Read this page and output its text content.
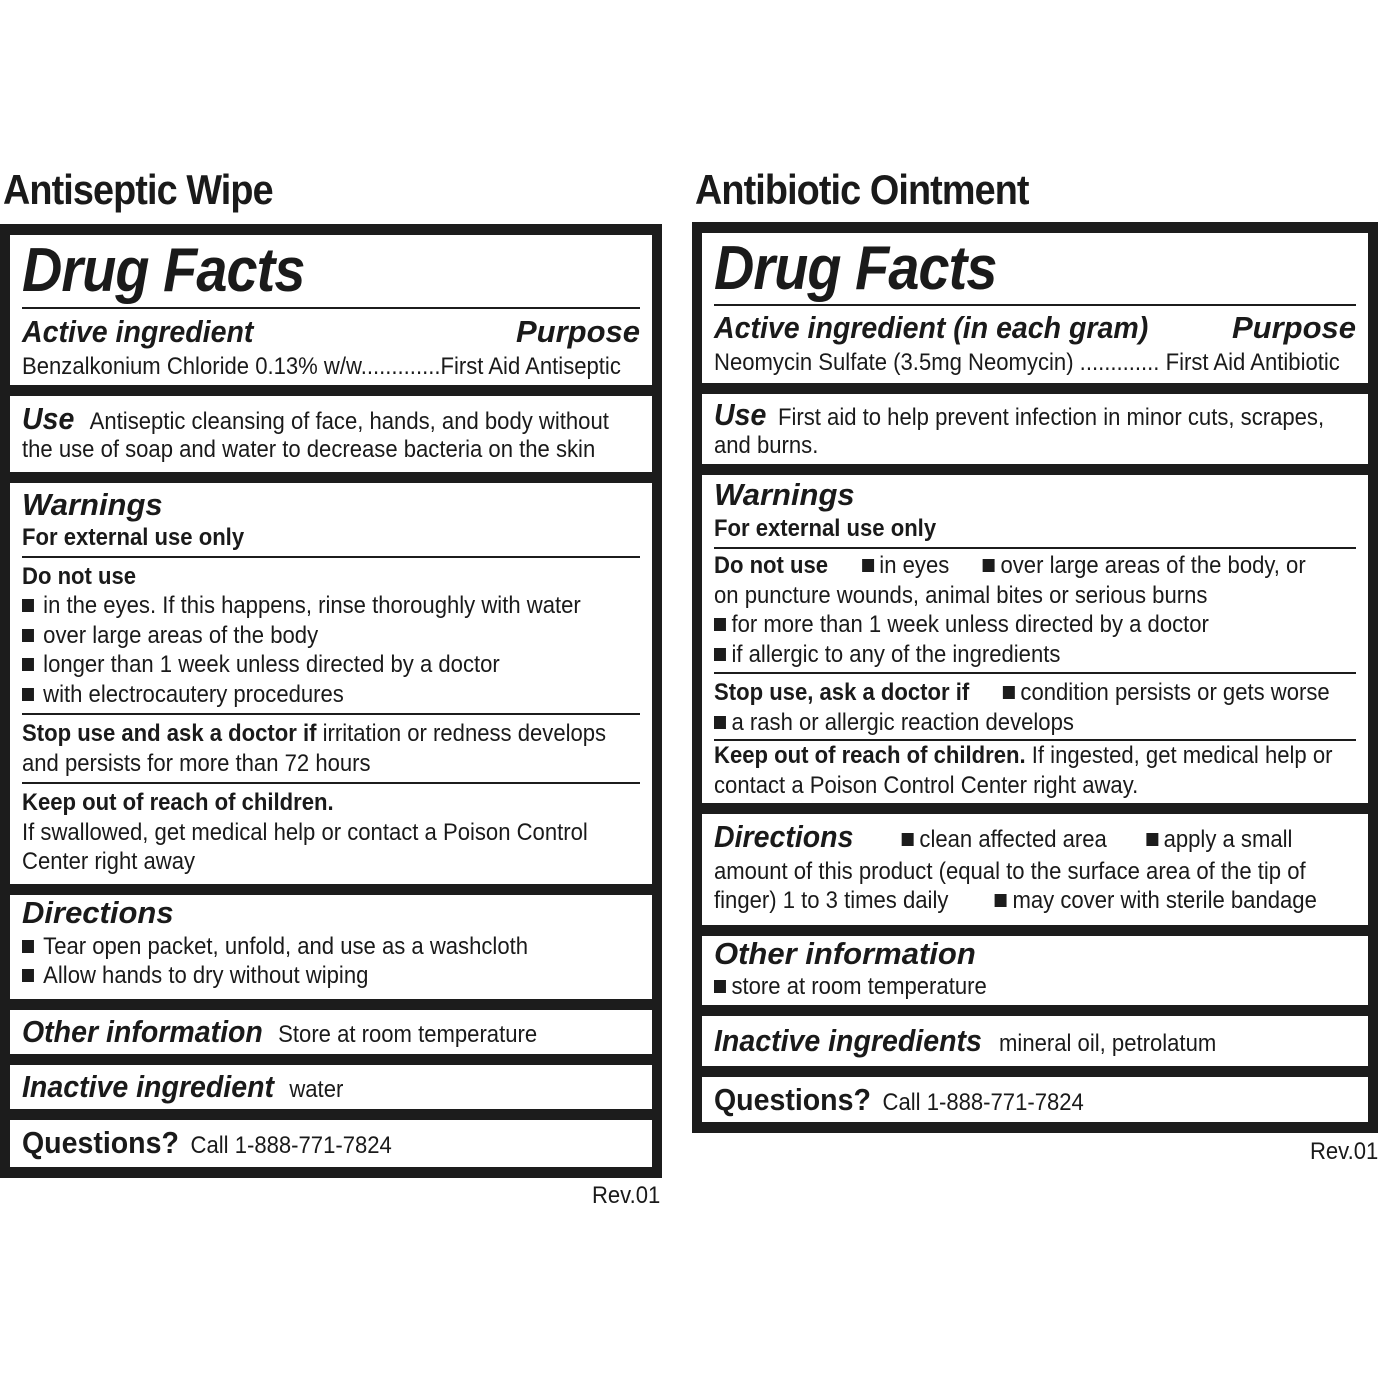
Antiseptic Wipe
Drug Facts
Active ingredient	Purpose
Benzalkonium Chloride 0.13% w/w.............First Aid Antiseptic
Use Antiseptic cleansing of face, hands, and body without
the use of soap and water to decrease bacteria on the skin
Warnings
For external use only
Do not use
in the eyes. If this happens, rinse thoroughly with water
over large areas of the body
longer than 1 week unless directed by a doctor
with electrocautery procedures
Stop use and ask a doctor if irritation or redness develops
and persists for more than 72 hours
Keep out of reach of children.
If swallowed, get medical help or contact a Poison Control
Center right away
Directions
Tear open packet, unfold, and use as a washcloth
Allow hands to dry without wiping
Other information Store at room temperature
Inactive ingredient water
Questions? Call 1-888-771-7824
Rev.01
Antibiotic Ointment
Drug Facts
Active ingredient (in each gram)	Purpose
Neomycin Sulfate (3.5mg Neomycin) ............. First Aid Antibiotic
Use First aid to help prevent infection in minor cuts, scrapes,
and burns.
Warnings
For external use only
Do not use in eyes over large areas of the body, or
on puncture wounds, animal bites or serious burns
for more than 1 week unless directed by a doctor
if allergic to any of the ingredients
Stop use, ask a doctor if condition persists or gets worse
a rash or allergic reaction develops
Keep out of reach of children. If ingested, get medical help or
contact a Poison Control Center right away.
Directions	clean affected area apply a small
amount of this product (equal to the surface area of the tip of
finger) 1 to 3 times daily	may cover with sterile bandage
Other information
store at room temperature
Inactive ingredients mineral oil, petrolatum
Questions? Call 1-888-771-7824
Rev.01
